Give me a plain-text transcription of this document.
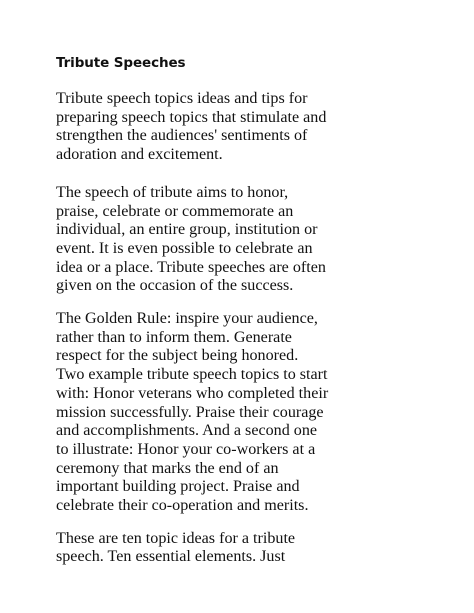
Tribute Speeches

Tribute speech topics ideas and tips for
preparing speech topics that stimulate and
strengthen the audiences' sentiments of
adoration and excitement.

The speech of tribute aims to honor,
praise, celebrate or commemorate an
individual, an entire group, institution or
event. It is even possible to celebrate an
idea or a place. Tribute speeches are often
given on the occasion of the success.

The Golden Rule: inspire your audience,
rather than to inform them. Generate
respect for the subject being honored.
Two example tribute speech topics to start
with: Honor veterans who completed their
mission successfully. Praise their courage
and accomplishments. And a second one
to illustrate: Honor your co-workers at a
ceremony that marks the end of an
important building project. Praise and
celebrate their co-operation and merits.

These are ten topic ideas for a tribute
speech. Ten essential elements. Just
